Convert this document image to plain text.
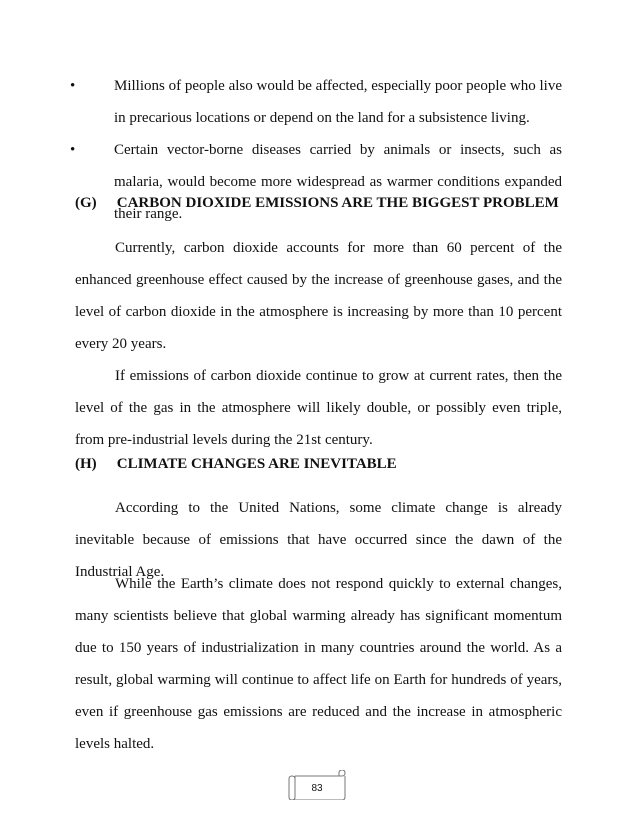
•	Millions of people also would be affected, especially poor people who live in precarious locations or depend on the land for a subsistence living.
•	Certain vector-borne diseases carried by animals or insects, such as malaria, would become more widespread as warmer conditions expanded their range.
(G) CARBON DIOXIDE EMISSIONS ARE THE BIGGEST PROBLEM
Currently, carbon dioxide accounts for more than 60 percent of the enhanced greenhouse effect caused by the increase of greenhouse gases, and the level of carbon dioxide in the atmosphere is increasing by more than 10 percent every 20 years.
If emissions of carbon dioxide continue to grow at current rates, then the level of the gas in the atmosphere will likely double, or possibly even triple, from pre-industrial levels during the 21st century.
(H) CLIMATE CHANGES ARE INEVITABLE
According to the United Nations, some climate change is already inevitable because of emissions that have occurred since the dawn of the Industrial Age.
While the Earth’s climate does not respond quickly to external changes, many scientists believe that global warming already has significant momentum due to 150 years of industrialization in many countries around the world. As a result, global warming will continue to affect life on Earth for hundreds of years, even if greenhouse gas emissions are reduced and the increase in atmospheric levels halted.
83
